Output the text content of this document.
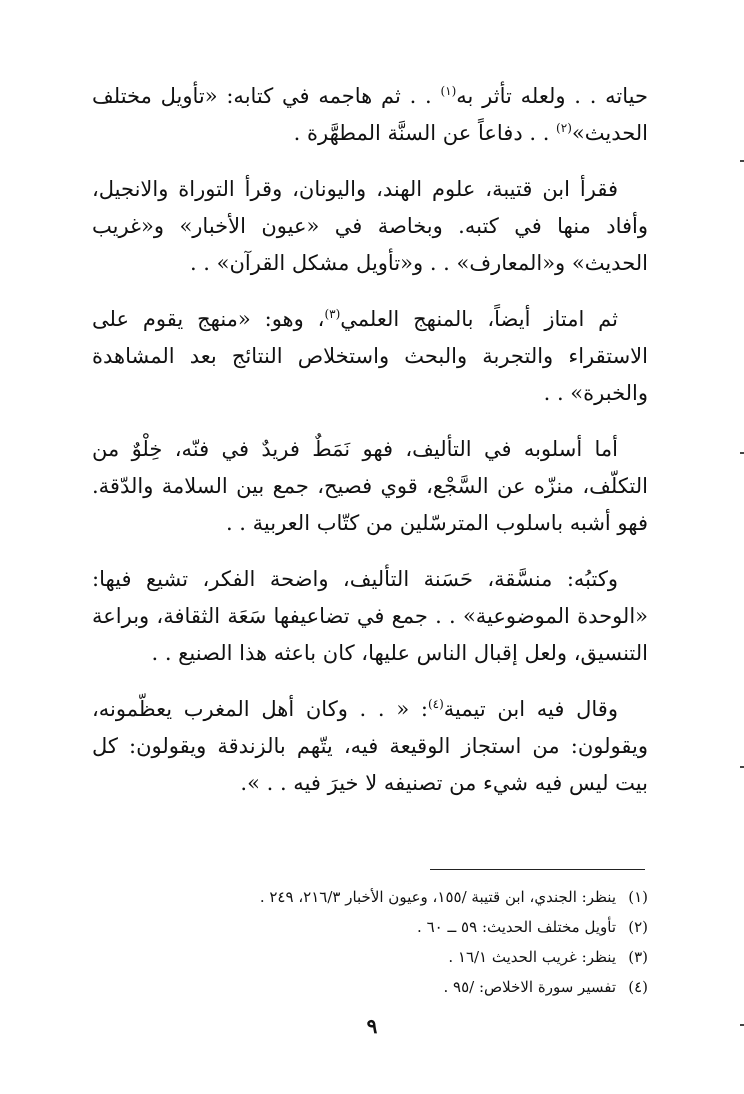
حياته . . ولعله تأثر به$^{(١)}$ . . ثم هاجمه في كتابه: «تأويل مختلف الحديث»$^{(٢)}$ . . دفاعاً عن السنَّة المطهَّرة .

فقرأ ابن قتيبة، علوم الهند، واليونان، وقرأ التوراة والانجيل، وأفاد منها في كتبه. وبخاصة في «عيون الأخبار» و«غريب الحديث» و«المعارف» . . و«تأويل مشكل القرآن» . .

ثم امتاز أيضاً، بالمنهج العلمي$^{(٣)}$، وهو: «منهج يقوم على الاستقراء والتجربة والبحث واستخلاص النتائج بعد المشاهدة والخبرة» . .

أما أسلوبه في التأليف، فهو نَمَطٌ فريدٌ في فنّه، خِلْوٌ من التكلّف، منزّه عن السَّجْع، قوي فصيح، جمع بين السلامة والدّقة. فهو أشبه باسلوب المترسّلين من كتّاب العربية . .

وكتبُه: منسَّقة، حَسَنة التأليف، واضحة الفكر، تشيع فيها: «الوحدة الموضوعية» . . جمع في تضاعيفها سَعَة الثقافة، وبراعة التنسيق، ولعل إقبال الناس عليها، كان باعثه هذا الصنيع . .

وقال فيه ابن تيمية$^{(٤)}$: « . . وكان أهل المغرب يعظّمونه، ويقولون: من استجاز الوقيعة فيه، يتّهم بالزندقة ويقولون: كل بيت ليس فيه شيء من تصنيفه لا خيرَ فيه . . ».

(١)
ينظر: الجندي، ابن قتيبة /١٥٥، وعيون الأخبار ٢١٦/٣، ٢٤٩ .
(٢)
تأويل مختلف الحديث: ٥٩ ــ ٦٠ .
(٣)
ينظر: غريب الحديث ١٦/١ .
(٤)
تفسير سورة الاخلاص: /٩٥ .
٩
